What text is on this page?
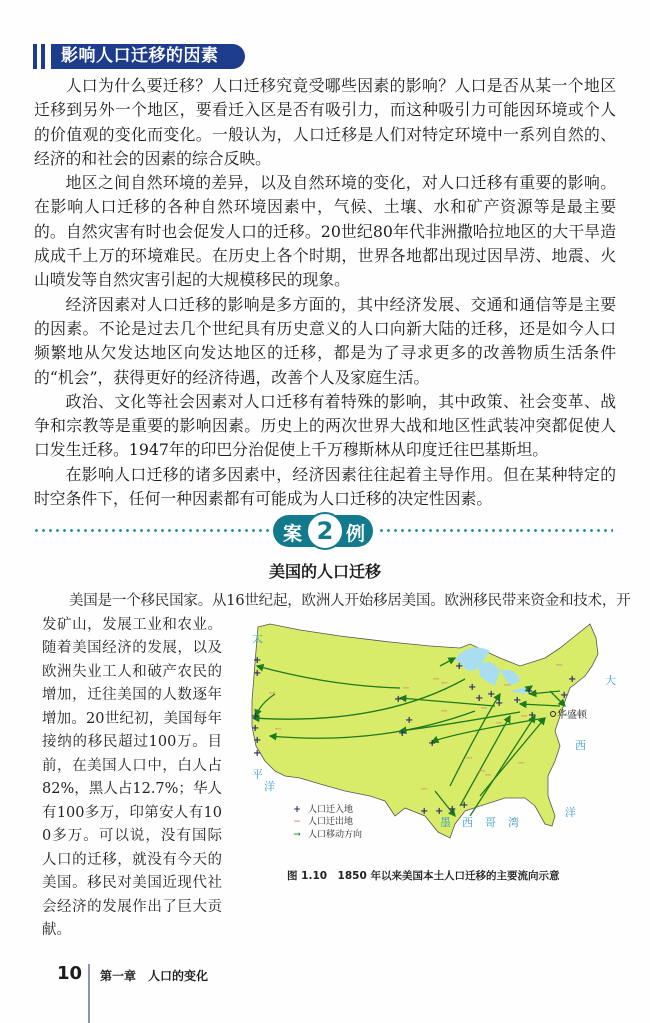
影响人口迁移的因素

人口为什么要迁移？人口迁移究竟受哪些因素的影响？人口是否从某一个地区迁移到另外一个地区，要看迁入区是否有吸引力，而这种吸引力可能因环境或个人的价值观的变化而变化。一般认为，人口迁移是人们对特定环境中一系列自然的、经济的和社会的因素的综合反映。

地区之间自然环境的差异，以及自然环境的变化，对人口迁移有重要的影响。在影响人口迁移的各种自然环境因素中，气候、土壤、水和矿产资源等是最主要的。自然灾害有时也会促发人口的迁移。20世纪80年代非洲撒哈拉地区的大干旱造成成千上万的环境难民。在历史上各个时期，世界各地都出现过因旱涝、地震、火山喷发等自然灾害引起的大规模移民的现象。

经济因素对人口迁移的影响是多方面的，其中经济发展、交通和通信等是主要的因素。不论是过去几个世纪具有历史意义的人口向新大陆的迁移，还是如今人口频繁地从欠发达地区向发达地区的迁移，都是为了寻求更多的改善物质生活条件的“机会”，获得更好的经济待遇，改善个人及家庭生活。

政治、文化等社会因素对人口迁移有着特殊的影响，其中政策、社会变革、战争和宗教等是重要的影响因素。历史上的两次世界大战和地区性武装冲突都促使人口发生迁移。1947年的印巴分治促使上千万穆斯林从印度迁往巴基斯坦。

在影响人口迁移的诸多因素中，经济因素往往起着主导作用。但在某种特定的时空条件下，任何一种因素都有可能成为人口迁移的决定性因素。

案 2 例
美国的人口迁移
美国是一个移民国家。从16世纪起，欧洲人开始移居美国。欧洲移民带来资金和技术，开
发矿山，发展工业和农业。随着美国经济的发展，以及欧洲失业工人和破产农民的增加，迁往美国的人数逐年增加。20世纪初，美国每年接纳的移民超过100万。目前，在美国人口中，白人占82%，黑人占12.7%；华人有100多万，印第安人有100多万。可以说，没有国际人口的迁移，就没有今天的美国。移民对美国近现代社会经济的发展作出了巨大贡献。
+
+
+
+
+
+
+
+
+
+
+
+
+ +
+ +
+	+
+
+
+ + + +
−
−
−
− −
−	−
−
−
−
−
−
−
−
−
−
太
平
洋
大
西
洋
墨 西 哥 湾
华盛顿
+ 人口迁入地
− 人口迁出地
→ 人口移动方向
图 1.10　1850 年以来美国本土人口迁移的主要流向示意
10 第一章　人口的变化
